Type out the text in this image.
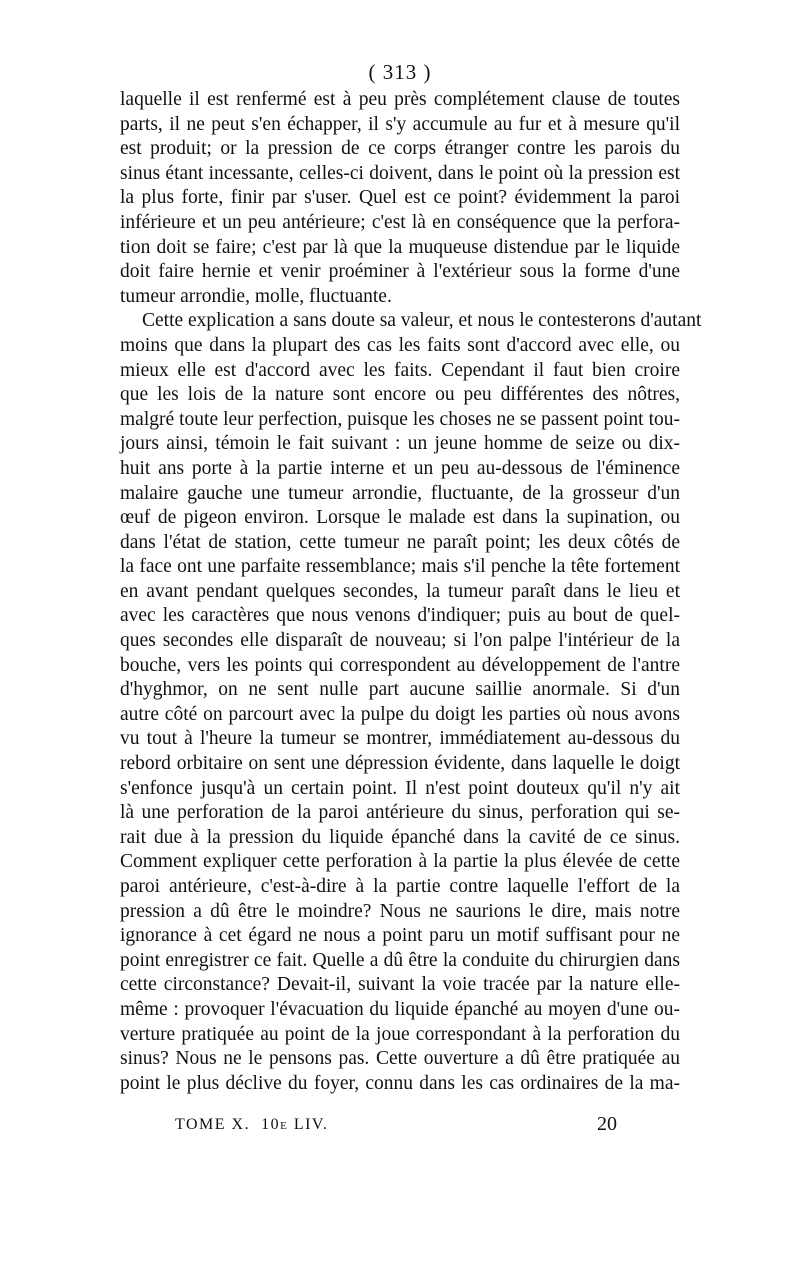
( 313 )
laquelle il est renfermé est à peu près complétement clause de toutes
parts, il ne peut s'en échapper, il s'y accumule au fur et à mesure qu'il
est produit; or la pression de ce corps étranger contre les parois du
sinus étant incessante, celles-ci doivent, dans le point où la pression est
la plus forte, finir par s'user. Quel est ce point? évidemment la paroi
inférieure et un peu antérieure; c'est là en conséquence que la perfora-
tion doit se faire; c'est par là que la muqueuse distendue par le liquide
doit faire hernie et venir proéminer à l'extérieur sous la forme d'une
tumeur arrondie, molle, fluctuante.
Cette explication a sans doute sa valeur, et nous le contesterons d'autant
moins que dans la plupart des cas les faits sont d'accord avec elle, ou
mieux elle est d'accord avec les faits. Cependant il faut bien croire
que les lois de la nature sont encore ou peu différentes des nôtres,
malgré toute leur perfection, puisque les choses ne se passent point tou-
jours ainsi, témoin le fait suivant : un jeune homme de seize ou dix-
huit ans porte à la partie interne et un peu au-dessous de l'éminence
malaire gauche une tumeur arrondie, fluctuante, de la grosseur d'un
œuf de pigeon environ. Lorsque le malade est dans la supination, ou
dans l'état de station, cette tumeur ne paraît point; les deux côtés de
la face ont une parfaite ressemblance; mais s'il penche la tête fortement
en avant pendant quelques secondes, la tumeur paraît dans le lieu et
avec les caractères que nous venons d'indiquer; puis au bout de quel-
ques secondes elle disparaît de nouveau; si l'on palpe l'intérieur de la
bouche, vers les points qui correspondent au développement de l'antre
d'hyghmor, on ne sent nulle part aucune saillie anormale. Si d'un
autre côté on parcourt avec la pulpe du doigt les parties où nous avons
vu tout à l'heure la tumeur se montrer, immédiatement au-dessous du
rebord orbitaire on sent une dépression évidente, dans laquelle le doigt
s'enfonce jusqu'à un certain point. Il n'est point douteux qu'il n'y ait
là une perforation de la paroi antérieure du sinus, perforation qui se-
rait due à la pression du liquide épanché dans la cavité de ce sinus.
Comment expliquer cette perforation à la partie la plus élevée de cette
paroi antérieure, c'est-à-dire à la partie contre laquelle l'effort de la
pression a dû être le moindre? Nous ne saurions le dire, mais notre
ignorance à cet égard ne nous a point paru un motif suffisant pour ne
point enregistrer ce fait. Quelle a dû être la conduite du chirurgien dans
cette circonstance? Devait-il, suivant la voie tracée par la nature elle-
même : provoquer l'évacuation du liquide épanché au moyen d'une ou-
verture pratiquée au point de la joue correspondant à la perforation du
sinus? Nous ne le pensons pas. Cette ouverture a dû être pratiquée au
point le plus déclive du foyer, connu dans les cas ordinaires de la ma-
TOME X. 10e LIV.	20
